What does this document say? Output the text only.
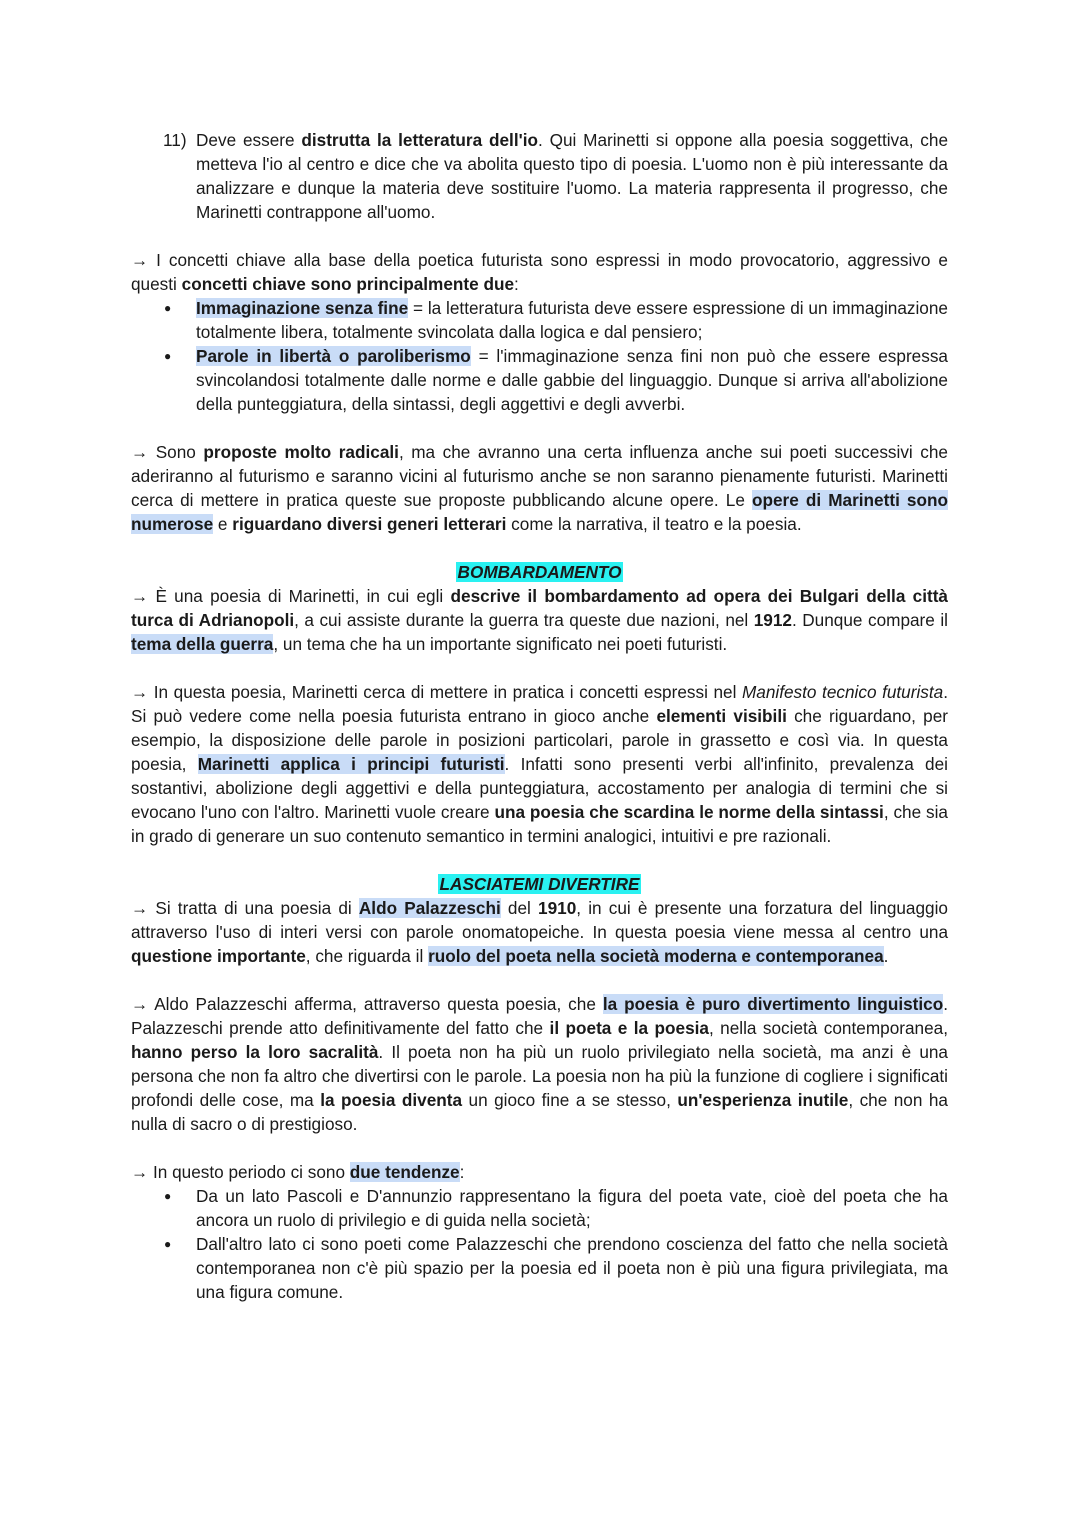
11) Deve essere distrutta la letteratura dell'io. Qui Marinetti si oppone alla poesia soggettiva, che metteva l'io al centro e dice che va abolita questo tipo di poesia. L'uomo non è più interessante da analizzare e dunque la materia deve sostituire l'uomo. La materia rappresenta il progresso, che Marinetti contrappone all'uomo.

→ I concetti chiave alla base della poetica futurista sono espressi in modo provocatorio, aggressivo e questi concetti chiave sono principalmente due:

● Immaginazione senza fine = la letteratura futurista deve essere espressione di un immaginazione totalmente libera, totalmente svincolata dalla logica e dal pensiero;
● Parole in libertà o paroliberismo = l'immaginazione senza fini non può che essere espressa svincolandosi totalmente dalle norme e dalle gabbie del linguaggio. Dunque si arriva all'abolizione della punteggiatura, della sintassi, degli aggettivi e degli avverbi.

→ Sono proposte molto radicali, ma che avranno una certa influenza anche sui poeti successivi che aderiranno al futurismo e saranno vicini al futurismo anche se non saranno pienamente futuristi. Marinetti cerca di mettere in pratica queste sue proposte pubblicando alcune opere. Le opere di Marinetti sono numerose e riguardano diversi generi letterari come la narrativa, il teatro e la poesia.

BOMBARDAMENTO

→ È una poesia di Marinetti, in cui egli descrive il bombardamento ad opera dei Bulgari della città turca di Adrianopoli, a cui assiste durante la guerra tra queste due nazioni, nel 1912. Dunque compare il tema della guerra, un tema che ha un importante significato nei poeti futuristi.

→ In questa poesia, Marinetti cerca di mettere in pratica i concetti espressi nel Manifesto tecnico futurista. Si può vedere come nella poesia futurista entrano in gioco anche elementi visibili che riguardano, per esempio, la disposizione delle parole in posizioni particolari, parole in grassetto e così via. In questa poesia, Marinetti applica i principi futuristi. Infatti sono presenti verbi all'infinito, prevalenza dei sostantivi, abolizione degli aggettivi e della punteggiatura, accostamento per analogia di termini che si evocano l'uno con l'altro. Marinetti vuole creare una poesia che scardina le norme della sintassi, che sia in grado di generare un suo contenuto semantico in termini analogici, intuitivi e pre razionali.

LASCIATEMI DIVERTIRE

→ Si tratta di una poesia di Aldo Palazzeschi del 1910, in cui è presente una forzatura del linguaggio attraverso l'uso di interi versi con parole onomatopeiche. In questa poesia viene messa al centro una questione importante, che riguarda il ruolo del poeta nella società moderna e contemporanea.

→ Aldo Palazzeschi afferma, attraverso questa poesia, che la poesia è puro divertimento linguistico. Palazzeschi prende atto definitivamente del fatto che il poeta e la poesia, nella società contemporanea, hanno perso la loro sacralità. Il poeta non ha più un ruolo privilegiato nella società, ma anzi è una persona che non fa altro che divertirsi con le parole. La poesia non ha più la funzione di cogliere i significati profondi delle cose, ma la poesia diventa un gioco fine a se stesso, un'esperienza inutile, che non ha nulla di sacro o di prestigioso.

→ In questo periodo ci sono due tendenze:

● Da un lato Pascoli e D'annunzio rappresentano la figura del poeta vate, cioè del poeta che ha ancora un ruolo di privilegio e di guida nella società;
● Dall'altro lato ci sono poeti come Palazzeschi che prendono coscienza del fatto che nella società contemporanea non c'è più spazio per la poesia ed il poeta non è più una figura privilegiata, ma una figura comune.
